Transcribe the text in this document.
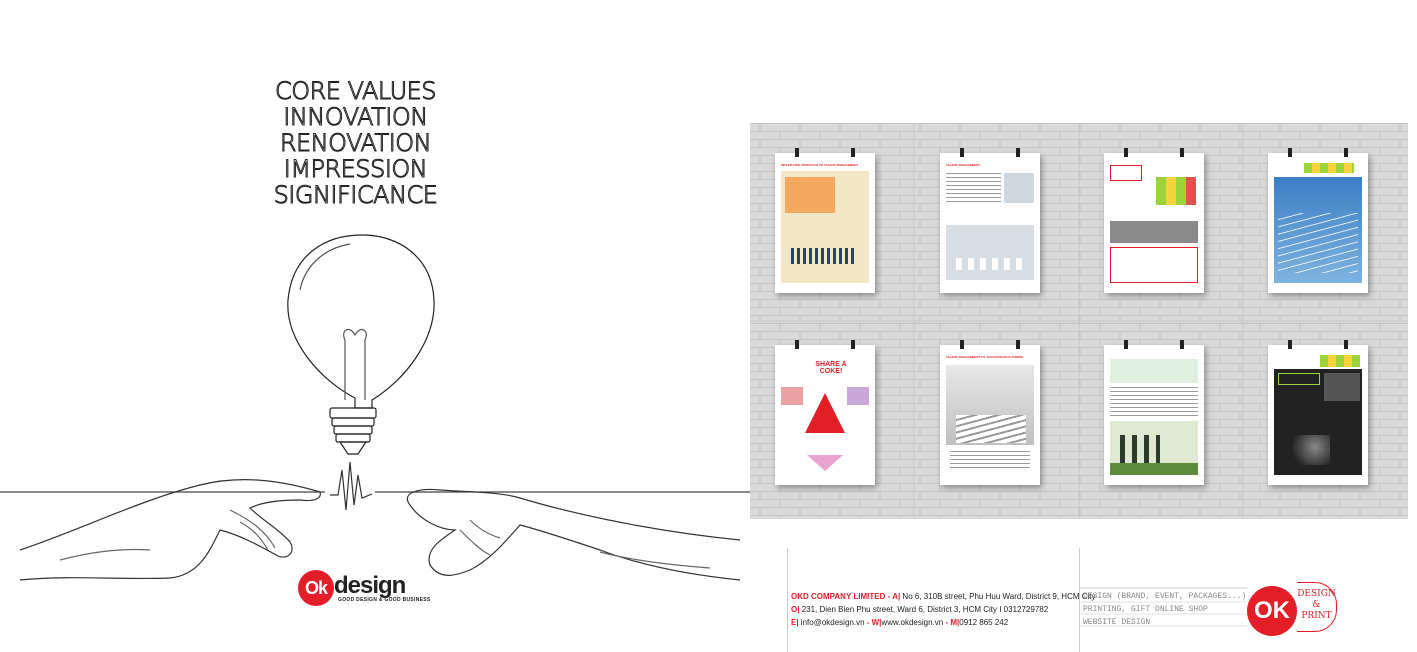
CORE VALUES
INNOVATION
RENOVATION
IMPRESSION
SIGNIFICANCE
Ok design
GOOD DESIGN & GOOD BUSINESS
INTEGRATED APPROACH TO TALENT MANAGEMENT	TALENT MANAGEMENT
SHARE A COKE!
TALENT MANAGEMENT VS. SUCCESSION PLANNING
OKD COMPANY LIMITED - A| No 6, 310B street, Phu Huu Ward, District 9, HCM City
O| 231, Dien Bien Phu street, Ward 6, District 3, HCM City I 0312729782
E| info@okdesign.vn - W|www.okdesign.vn - M|0912 865 242
DESIGN (BRAND, EVENT, PACKAGES...)
PRINTING, GIFT ONLINE SHOP
WEBSITE DESIGN	OK
DESIGN
&
PRINT
